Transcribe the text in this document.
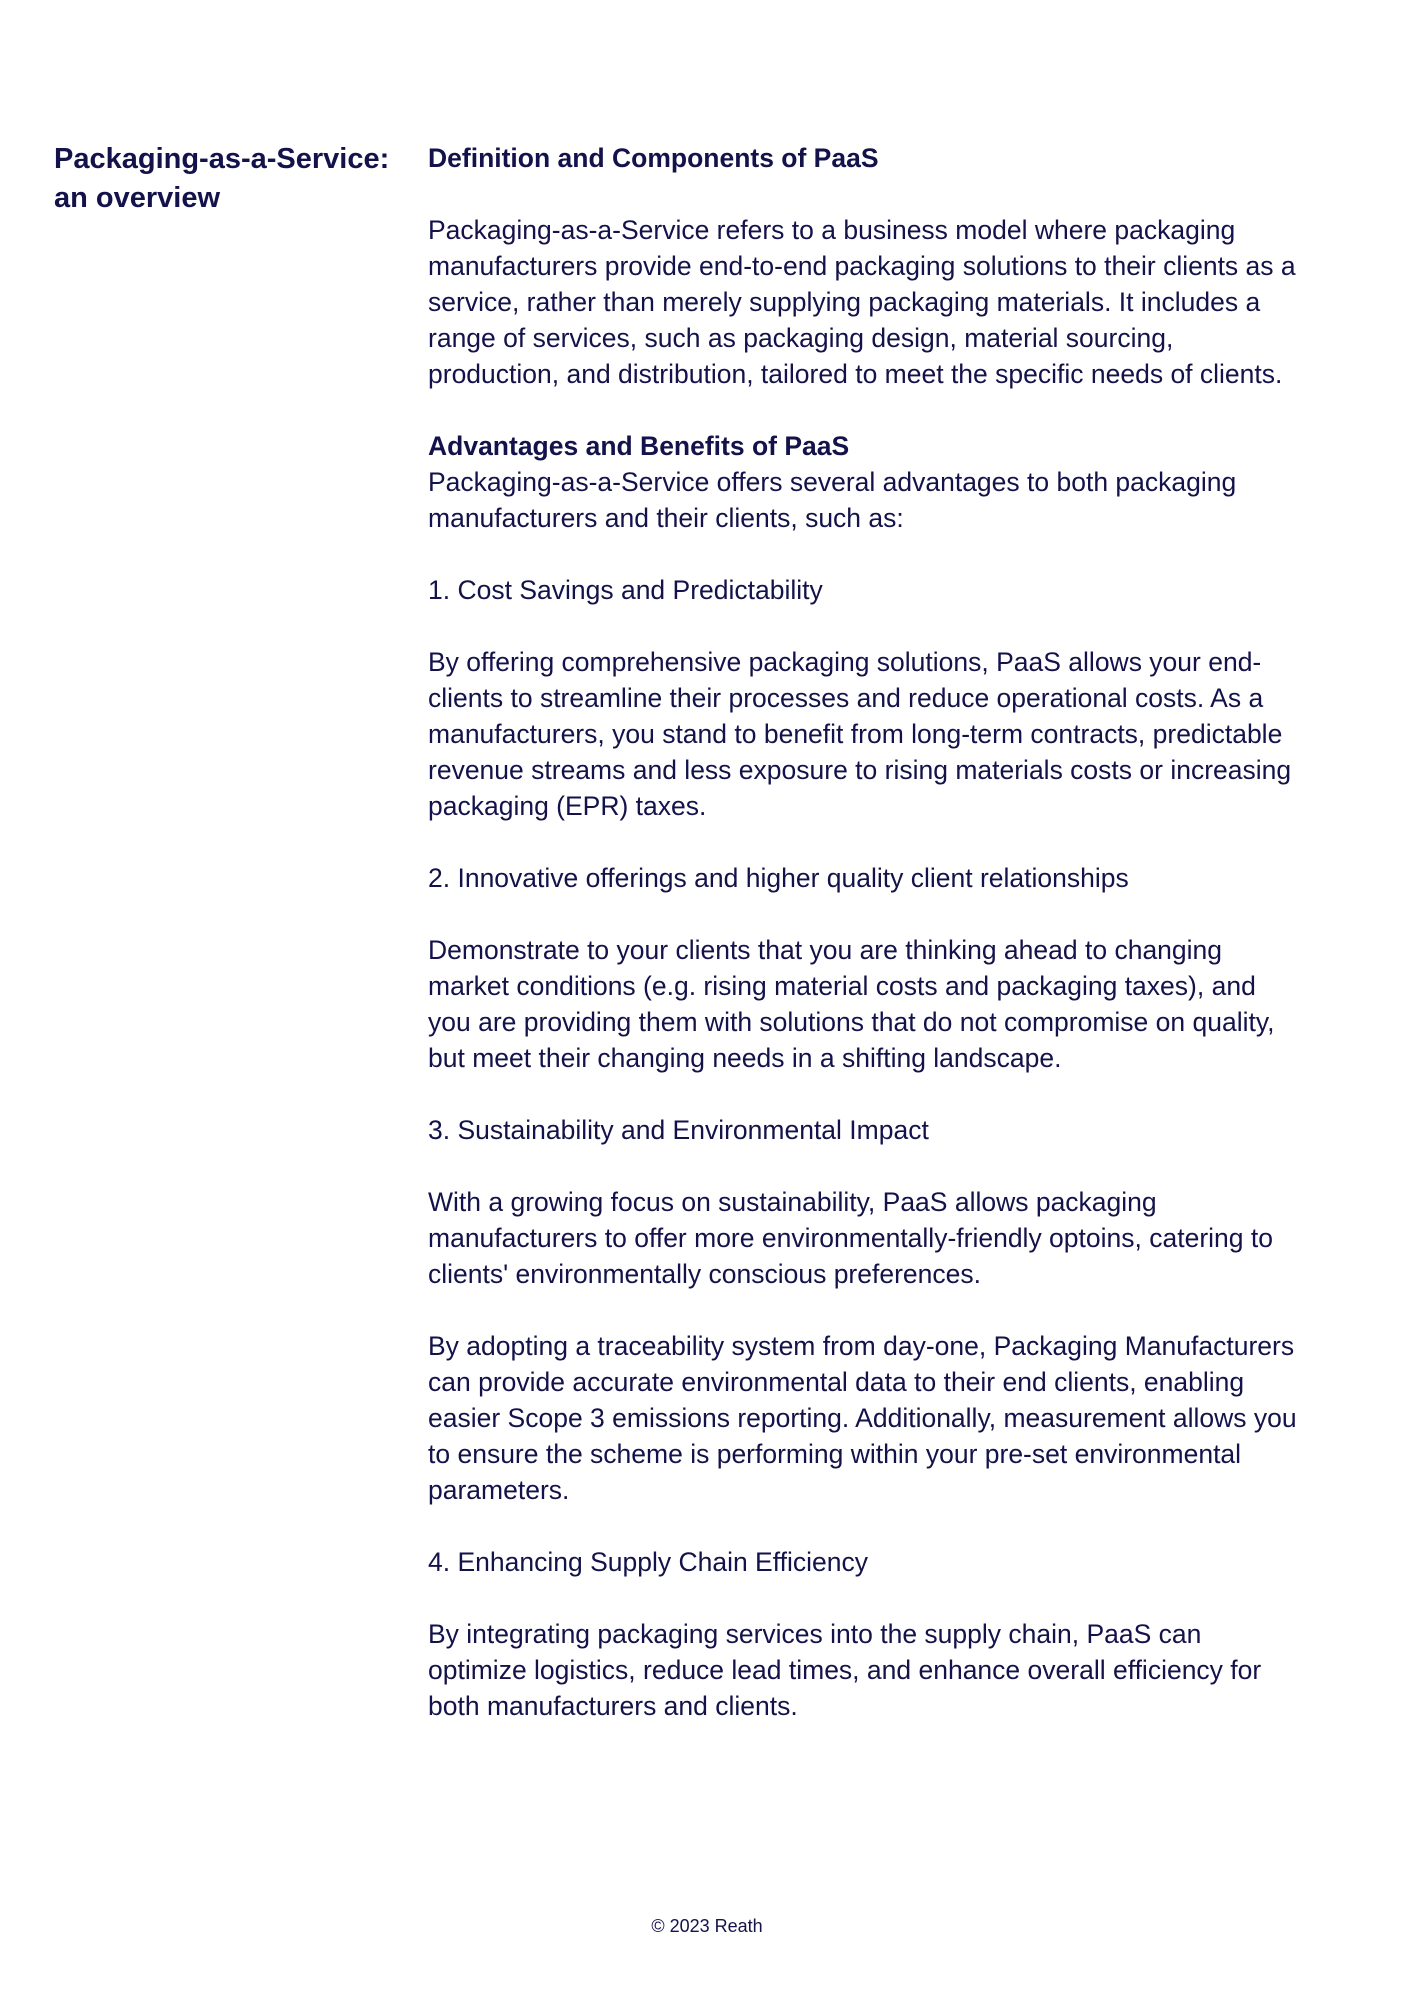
Packaging-as-a-Service:
an overview
Definition and Components of PaaS

Packaging-as-a-Service refers to a business model where packaging manufacturers provide end-to-end packaging solutions to their clients as a service, rather than merely supplying packaging materials. It includes a range of services, such as packaging design, material sourcing, production, and distribution, tailored to meet the specific needs of clients.

Advantages and Benefits of PaaS

Packaging-as-a-Service offers several advantages to both packaging manufacturers and their clients, such as:

1. Cost Savings and Predictability

By offering comprehensive packaging solutions, PaaS allows your end-clients to streamline their processes and reduce operational costs. As a manufacturers, you stand to benefit from long-term contracts, predictable revenue streams and less exposure to rising materials costs or increasing packaging (EPR) taxes.

2. Innovative offerings and higher quality client relationships

Demonstrate to your clients that you are thinking ahead to changing market conditions (e.g. rising material costs and packaging taxes), and you are providing them with solutions that do not compromise on quality, but meet their changing needs in a shifting landscape.

3. Sustainability and Environmental Impact

With a growing focus on sustainability, PaaS allows packaging manufacturers to offer more environmentally-friendly optoins, catering to clients' environmentally conscious preferences.

By adopting a traceability system from day-one, Packaging Manufacturers can provide accurate environmental data to their end clients, enabling easier Scope 3 emissions reporting. Additionally, measurement allows you to ensure the scheme is performing within your pre-set environmental parameters.

4. Enhancing Supply Chain Efficiency

By integrating packaging services into the supply chain, PaaS can optimize logistics, reduce lead times, and enhance overall efficiency for both manufacturers and clients.

© 2023 Reath
